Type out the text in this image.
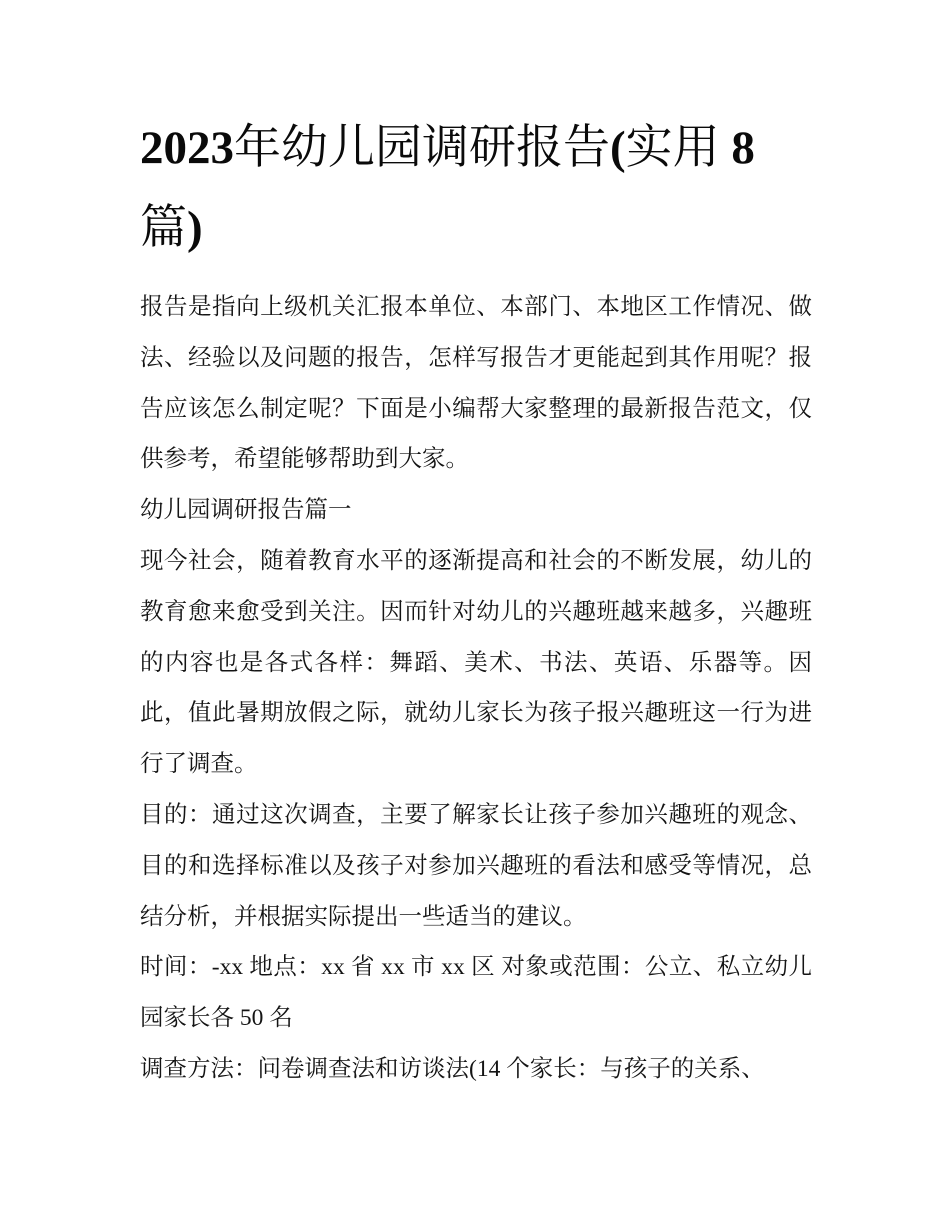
2023年幼儿园调研报告(实用 8
篇)

报告是指向上级机关汇报本单位、本部门、本地区工作情况、做法、经验以及问题的报告，怎样写报告才更能起到其作用呢？报告应该怎么制定呢？下面是小编帮大家整理的最新报告范文，仅供参考，希望能够帮助到大家。

幼儿园调研报告篇一

现今社会，随着教育水平的逐渐提高和社会的不断发展，幼儿的教育愈来愈受到关注。因而针对幼儿的兴趣班越来越多，兴趣班的内容也是各式各样：舞蹈、美术、书法、英语、乐器等。因此，值此暑期放假之际，就幼儿家长为孩子报兴趣班这一行为进行了调查。

目的：通过这次调查，主要了解家长让孩子参加兴趣班的观念、目的和选择标准以及孩子对参加兴趣班的看法和感受等情况，总结分析，并根据实际提出一些适当的建议。

时间：-xx 地点：xx 省 xx 市 xx 区 对象或范围：公立、私立幼儿园家长各 50 名

调查方法：问卷调查法和访谈法(14 个家长：与孩子的关系、
